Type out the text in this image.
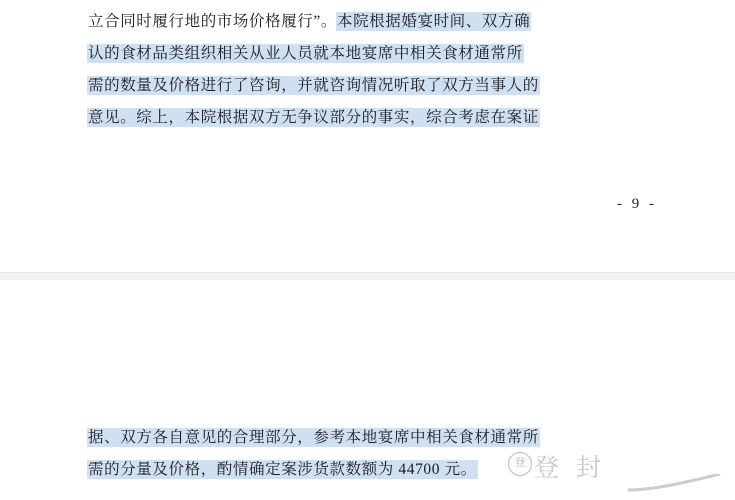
立合同时履行地的市场价格履行”。本院根据婚宴时间、双方确
认的食材品类组织相关从业人员就本地宴席中相关食材通常所
需的数量及价格进行了咨询，并就咨询情况听取了双方当事人的
意见。综上，本院根据双方无争议部分的事实，综合考虑在案证
- 9 -
据、双方各自意见的合理部分，参考本地宴席中相关食材通常所
需的分量及价格，酌情确定案涉货款数额为 44700 元。	登 登 封
